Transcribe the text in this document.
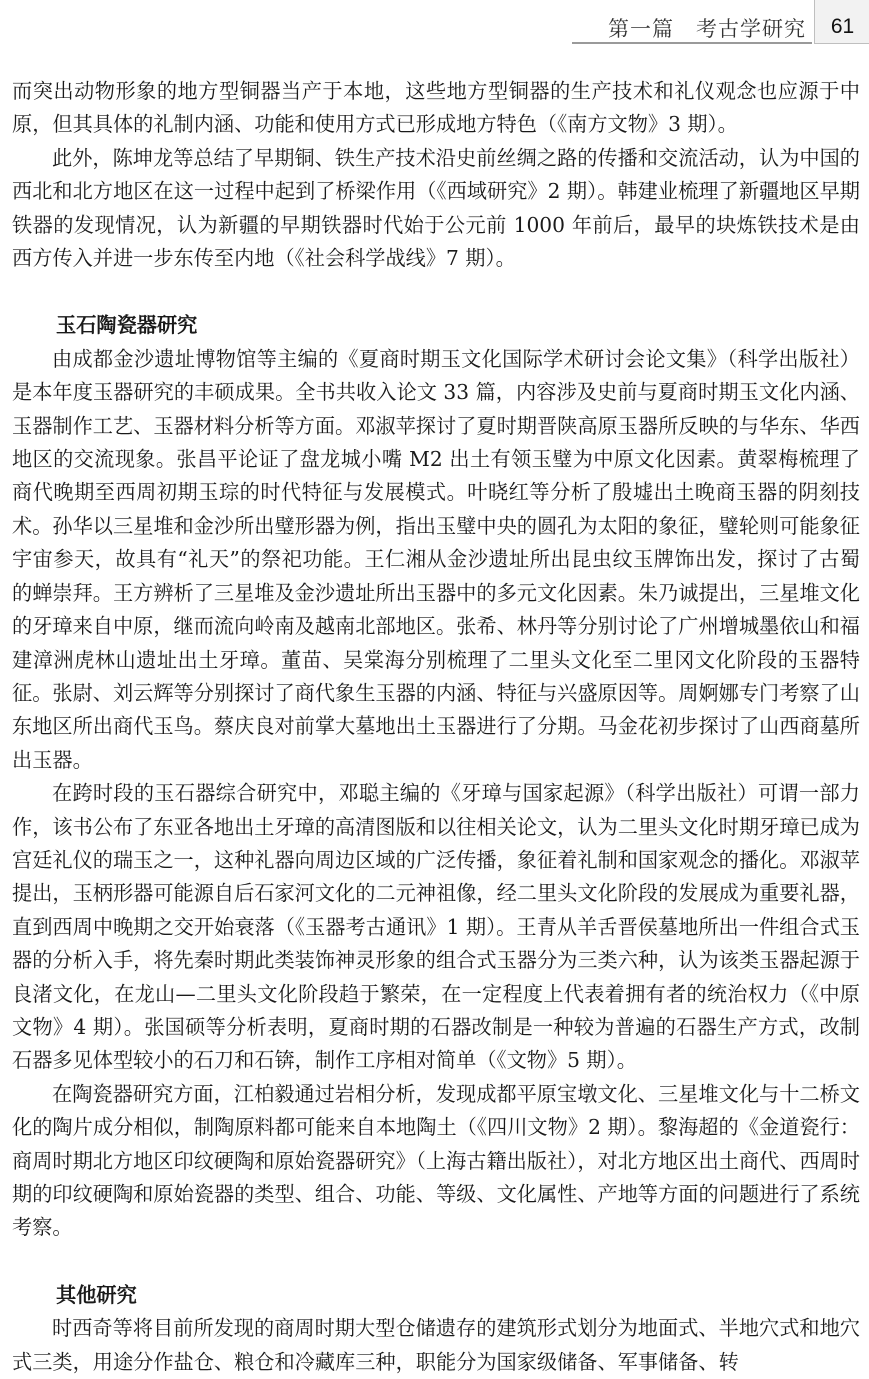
第一篇　考古学研究	61

而突出动物形象的地方型铜器当产于本地，这些地方型铜器的生产技术和礼仪观念也应源于中原，但其具体的礼制内涵、功能和使用方式已形成地方特色（《南方文物》3 期）。

此外，陈坤龙等总结了早期铜、铁生产技术沿史前丝绸之路的传播和交流活动，认为中国的西北和北方地区在这一过程中起到了桥梁作用（《西域研究》2 期）。韩建业梳理了新疆地区早期铁器的发现情况，认为新疆的早期铁器时代始于公元前 1000 年前后，最早的块炼铁技术是由西方传入并进一步东传至内地（《社会科学战线》7 期）。

玉石陶瓷器研究

由成都金沙遗址博物馆等主编的《夏商时期玉文化国际学术研讨会论文集》（科学出版社）是本年度玉器研究的丰硕成果。全书共收入论文 33 篇，内容涉及史前与夏商时期玉文化内涵、玉器制作工艺、玉器材料分析等方面。邓淑苹探讨了夏时期晋陕高原玉器所反映的与华东、华西地区的交流现象。张昌平论证了盘龙城小嘴 M2 出土有领玉璧为中原文化因素。黄翠梅梳理了商代晚期至西周初期玉琮的时代特征与发展模式。叶晓红等分析了殷墟出土晚商玉器的阴刻技术。孙华以三星堆和金沙所出璧形器为例，指出玉璧中央的圆孔为太阳的象征，璧轮则可能象征宇宙参天，故具有“礼天”的祭祀功能。王仁湘从金沙遗址所出昆虫纹玉牌饰出发，探讨了古蜀的蝉崇拜。王方辨析了三星堆及金沙遗址所出玉器中的多元文化因素。朱乃诚提出，三星堆文化的牙璋来自中原，继而流向岭南及越南北部地区。张希、林丹等分别讨论了广州增城墨依山和福建漳洲虎林山遗址出土牙璋。董苗、吴棠海分别梳理了二里头文化至二里冈文化阶段的玉器特征。张尉、刘云辉等分别探讨了商代象生玉器的内涵、特征与兴盛原因等。周婀娜专门考察了山东地区所出商代玉鸟。蔡庆良对前掌大墓地出土玉器进行了分期。马金花初步探讨了山西商墓所出玉器。

在跨时段的玉石器综合研究中，邓聪主编的《牙璋与国家起源》（科学出版社）可谓一部力作，该书公布了东亚各地出土牙璋的高清图版和以往相关论文，认为二里头文化时期牙璋已成为宫廷礼仪的瑞玉之一，这种礼器向周边区域的广泛传播，象征着礼制和国家观念的播化。邓淑苹提出，玉柄形器可能源自后石家河文化的二元神祖像，经二里头文化阶段的发展成为重要礼器，直到西周中晚期之交开始衰落（《玉器考古通讯》1 期）。王青从羊舌晋侯墓地所出一件组合式玉器的分析入手，将先秦时期此类装饰神灵形象的组合式玉器分为三类六种，认为该类玉器起源于良渚文化，在龙山—二里头文化阶段趋于繁荣，在一定程度上代表着拥有者的统治权力（《中原文物》4 期）。张国硕等分析表明，夏商时期的石器改制是一种较为普遍的石器生产方式，改制石器多见体型较小的石刀和石锛，制作工序相对简单（《文物》5 期）。

在陶瓷器研究方面，江柏毅通过岩相分析，发现成都平原宝墩文化、三星堆文化与十二桥文化的陶片成分相似，制陶原料都可能来自本地陶土（《四川文物》2 期）。黎海超的《金道瓷行：商周时期北方地区印纹硬陶和原始瓷器研究》（上海古籍出版社），对北方地区出土商代、西周时期的印纹硬陶和原始瓷器的类型、组合、功能、等级、文化属性、产地等方面的问题进行了系统考察。

其他研究

时西奇等将目前所发现的商周时期大型仓储遗存的建筑形式划分为地面式、半地穴式和地穴式三类，用途分作盐仓、粮仓和冷藏库三种，职能分为国家级储备、军事储备、转
